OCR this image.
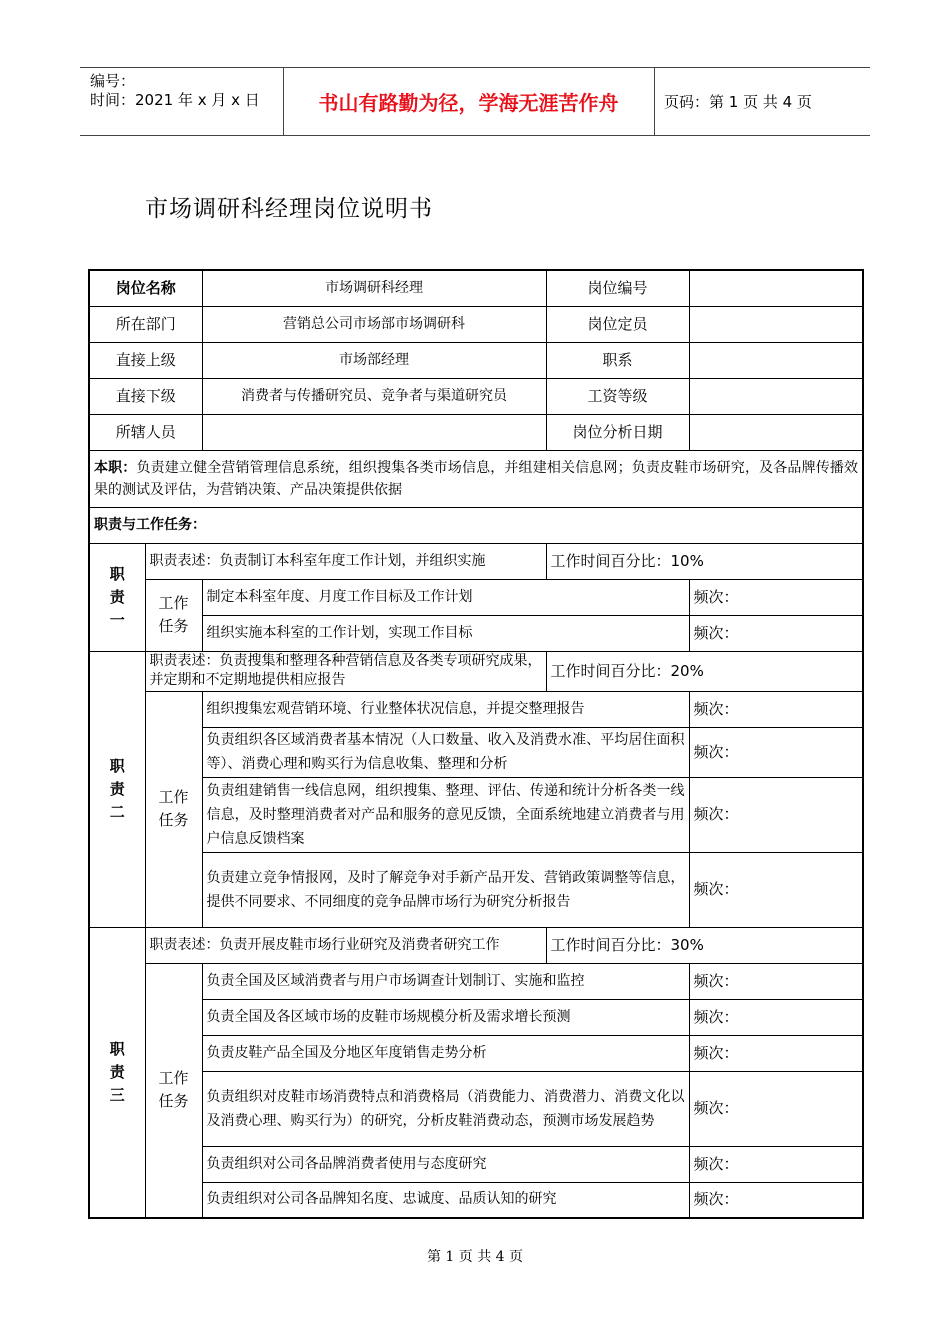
编号：
时间：2021 年 x 月 x 日	书山有路勤为径，学海无涯苦作舟	页码：第 1 页 共 4 页
市场调研科经理岗位说明书
岗位名称		市场调研科经理	岗位编号	
所在部门		营销总公司市场部市场调研科	岗位定员	
直接上级		市场部经理	职系	
直接下级		消费者与传播研究员、竞争者与渠道研究员	工资等级	
所辖人员			岗位分析日期	
本职：负责建立健全营销管理信息系统，组织搜集各类市场信息，并组建相关信息网；负责皮鞋市场研究，及各品牌传播效果的测试及评估，为营销决策、产品决策提供依据				
职责与工作任务：				
职
责
一	职责表述：负责制订本科室年度工作计划，并组织实施		工作时间百分比：10%	
	工作
任务	制定本科室年度、月度工作目标及工作计划		频次：
		组织实施本科室的工作计划，实现工作目标		频次：
职
责
二	职责表述：负责搜集和整理各种营销信息及各类专项研究成果，并定期和不定期地提供相应报告		工作时间百分比：20%	
	工作
任务	组织搜集宏观营销环境、行业整体状况信息，并提交整理报告		频次：
		负责组织各区域消费者基本情况（人口数量、收入及消费水准、平均居住面积等）、消费心理和购买行为信息收集、整理和分析		频次：
		负责组建销售一线信息网，组织搜集、整理、评估、传递和统计分析各类一线信息，及时整理消费者对产品和服务的意见反馈，全面系统地建立消费者与用户信息反馈档案		频次：
		负责建立竞争情报网，及时了解竞争对手新产品开发、营销政策调整等信息，提供不同要求、不同细度的竞争品牌市场行为研究分析报告		频次：
职
责
三	职责表述：负责开展皮鞋市场行业研究及消费者研究工作		工作时间百分比：30%	
	工作
任务	负责全国及区域消费者与用户市场调查计划制订、实施和监控		频次：
		负责全国及各区域市场的皮鞋市场规模分析及需求增长预测		频次：
		负责皮鞋产品全国及分地区年度销售走势分析		频次：
		负责组织对皮鞋市场消费特点和消费格局（消费能力、消费潜力、消费文化以及消费心理、购买行为）的研究，分析皮鞋消费动态，预测市场发展趋势		频次：
		负责组织对公司各品牌消费者使用与态度研究		频次：
		负责组织对公司各品牌知名度、忠诚度、品质认知的研究		频次：
第 1 页 共 4 页
